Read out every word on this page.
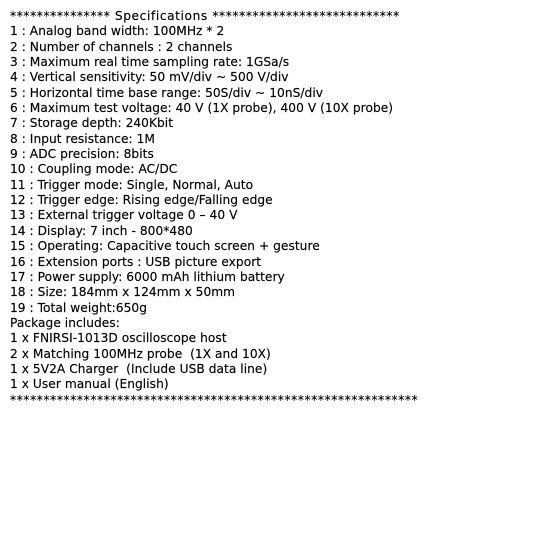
*************** Specifications ****************************
1 : Analog band width: 100MHz * 2
2 : Number of channels : 2 channels
3 : Maximum real time sampling rate: 1GSa/s
4 : Vertical sensitivity: 50 mV/div ~ 500 V/div
5 : Horizontal time base range: 50S/div ~ 10nS/div
6 : Maximum test voltage: 40 V (1X probe), 400 V (10X probe)
7 : Storage depth: 240Kbit
8 : Input resistance: 1M
9 : ADC precision: 8bits
10 : Coupling mode: AC/DC
11 : Trigger mode: Single, Normal, Auto
12 : Trigger edge: Rising edge/Falling edge
13 : External trigger voltage 0 – 40 V
14 : Display: 7 inch - 800*480
15 : Operating: Capacitive touch screen + gesture
16 : Extension ports : USB picture export
17 : Power supply: 6000 mAh lithium battery
18 : Size: 184mm x 124mm x 50mm
19 : Total weight:650g
Package includes:
1 x FNIRSI-1013D oscilloscope host
2 x Matching 100MHz probe  (1X and 10X)
1 x 5V2A Charger  (Include USB data line)
1 x User manual (English)
*************************************************************
